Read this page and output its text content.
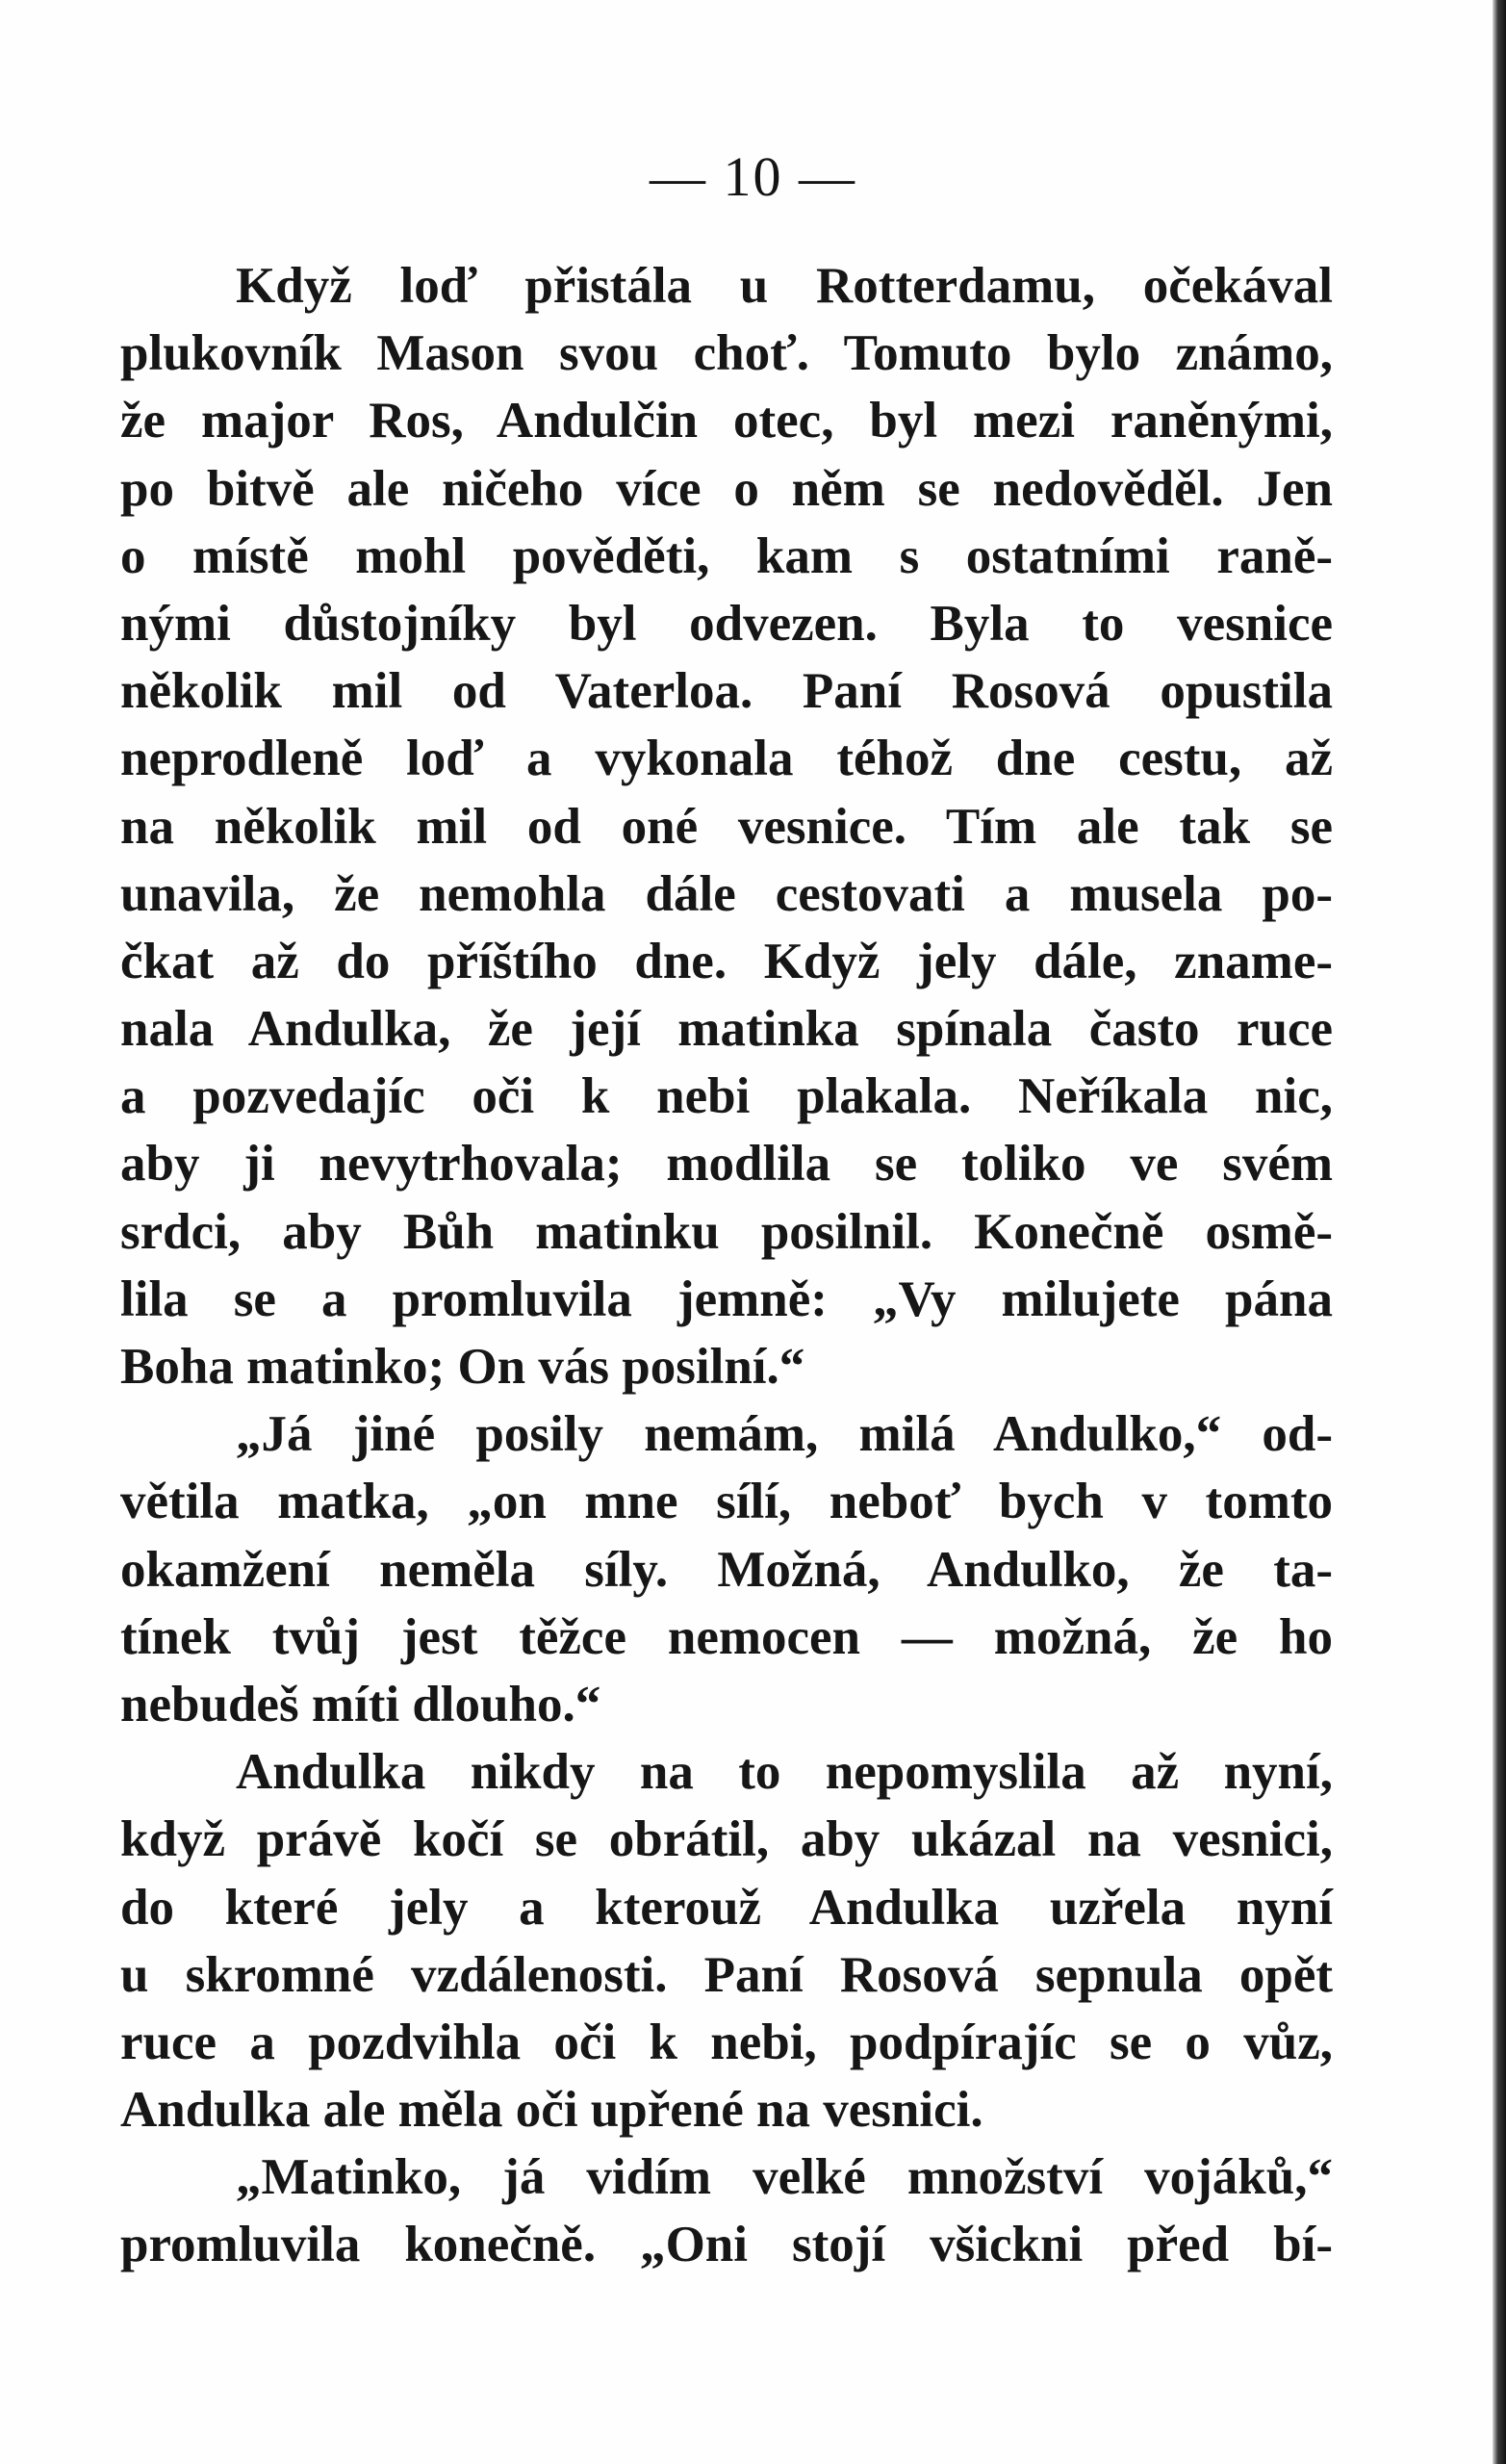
— 10 —
Když loď přistála u Rotterdamu, očekával
plukovník Mason svou choť. Tomuto bylo známo,
že major Ros, Andulčin otec, byl mezi raněnými,
po bitvě ale ničeho více o něm se nedověděl. Jen
o místě mohl pověděti, kam s ostatními raně-
nými důstojníky byl odvezen. Byla to vesnice
několik mil od Vaterloa. Paní Rosová opustila
neprodleně loď a vykonala téhož dne cestu, až
na několik mil od oné vesnice. Tím ale tak se
unavila, že nemohla dále cestovati a musela po-
čkat až do příštího dne. Když jely dále, znamе-
nala Andulka, že její matinka spínala často ruce
a pozvedajíc oči k nebi plakala. Neříkala nic,
aby ji nevytrhovala; modlila se toliko ve svém
srdci, aby Bůh matinku posilnil. Konečně osmě-
lila se a promluvila jemně: „Vy milujete pána
Boha matinko; On vás posilní.“
„Já jiné posily nemám, milá Andulko,“ od-
větila matka, „on mne sílí, neboť bych v tomto
okamžení neměla síly. Možná, Andulko, že ta-
tínek tvůj jest těžce nemocen — možná, že ho
nebudeš míti dlouho.“
Andulka nikdy na to nepomyslila až nyní,
když právě kočí se obrátil, aby ukázal na vesnici,
do které jely a kterouž Andulka uzřela nyní
u skromné vzdálenosti. Paní Rosová sepnula opět
ruce a pozdvihla oči k nebi, podpírajíc se o vůz,
Andulka ale měla oči upřené na vesnici.
„Matinko, já vidím velké množství vojáků,“
promluvila konečně. „Oni stojí všickni před bí-
